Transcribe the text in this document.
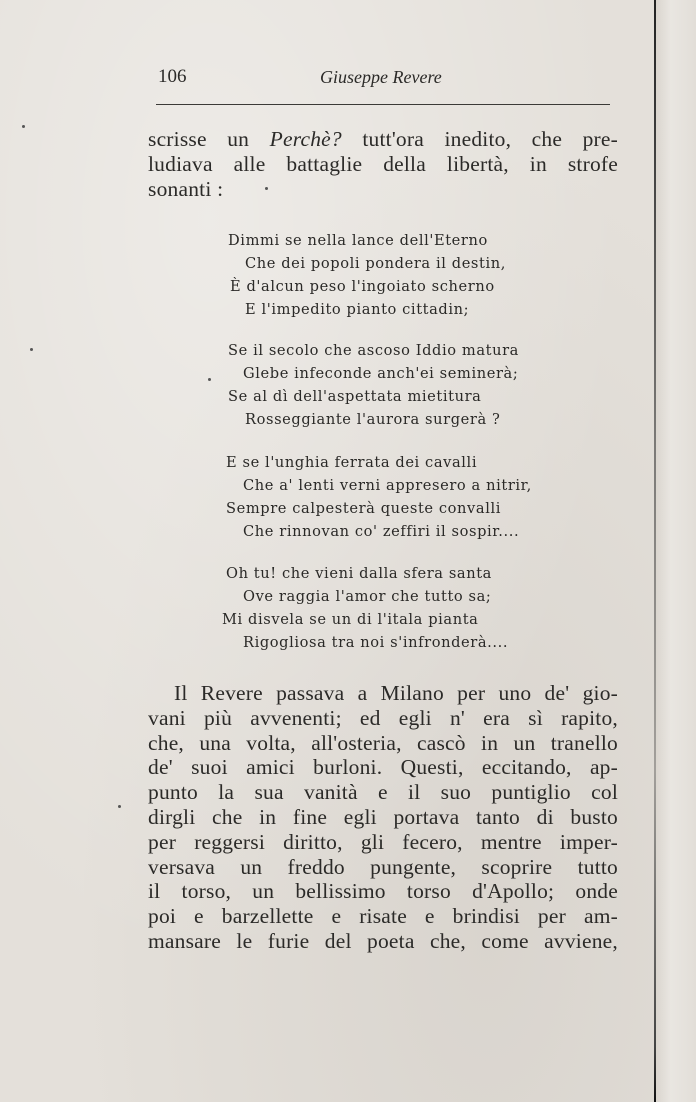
106	Giuseppe Revere
scrisse un Perchè? tutt'ora inedito, che pre-
ludiava alle battaglie della libertà, in strofe
sonanti :
Dimmi se nella lance dell'Eterno
Che dei popoli pondera il destin,
È d'alcun peso l'ingoiato scherno
E l'impedito pianto cittadin;
Se il secolo che ascoso Iddio matura
Glebe infeconde anch'ei seminerà;
Se al dì dell'aspettata mietitura
Rosseggiante l'aurora surgerà ?
E se l'unghia ferrata dei cavalli
Che a' lenti verni appresero a nitrir,
Sempre calpesterà queste convalli
Che rinnovan co' zeffiri il sospir....
Oh tu! che vieni dalla sfera santa
Ove raggia l'amor che tutto sa;
Mi disvela se un di l'itala pianta
Rigogliosa tra noi s'infronderà....
Il Revere passava a Milano per uno de' gio-
vani più avvenenti; ed egli n' era sì rapito,
che, una volta, all'osteria, cascò in un tranello
de' suoi amici burloni. Questi, eccitando, ap-
punto la sua vanità e il suo puntiglio col
dirgli che in fine egli portava tanto di busto
per reggersi diritto, gli fecero, mentre imper-
versava un freddo pungente, scoprire tutto
il torso, un bellissimo torso d'Apollo; onde
poi e barzellette e risate e brindisi per am-
mansare le furie del poeta che, come avviene,
